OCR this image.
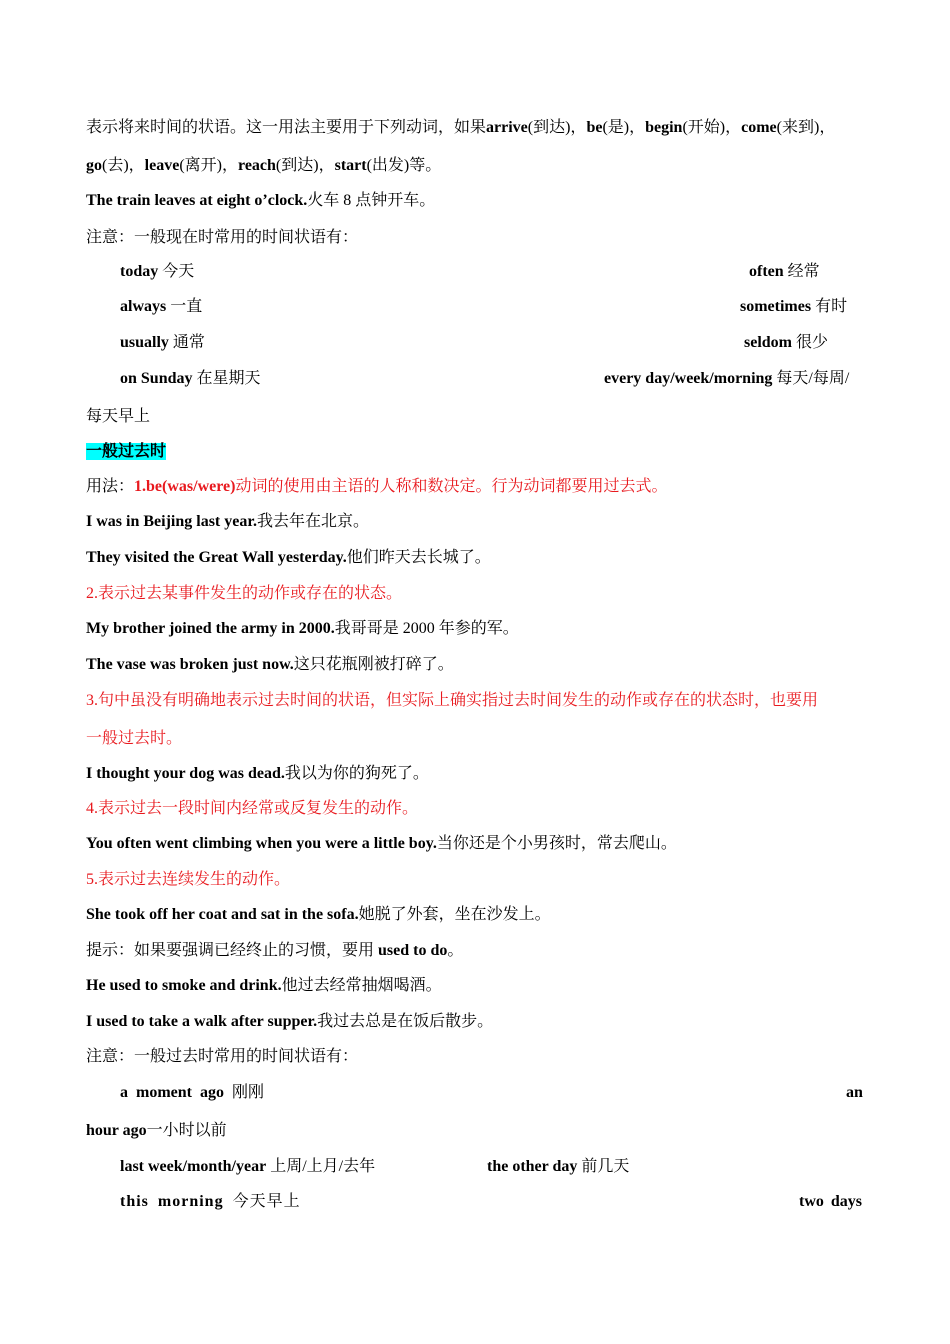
表示将来时间的状语。这一用法主要用于下列动词，如果arrive(到达)，be(是)，begin(开始)，come(来到)，
go(去)，leave(离开)，reach(到达)，start(出发)等。
The train leaves at eight o’clock.火车 8 点钟开车。
注意：一般现在时常用的时间状语有：
today 今天	often 经常
always 一直	sometimes 有时
usually 通常	seldom 很少
on Sunday 在星期天	every day/week/morning 每天/每周/
每天早上
一般过去时
用法：1.be(was/were)动词的使用由主语的人称和数决定。行为动词都要用过去式。
I was in Beijing last year.我去年在北京。
They visited the Great Wall yesterday.他们昨天去长城了。
2.表示过去某事件发生的动作或存在的状态。
My brother joined the army in 2000.我哥哥是 2000 年参的军。
The vase was broken just now.这只花瓶刚被打碎了。
3.句中虽没有明确地表示过去时间的状语，但实际上确实指过去时间发生的动作或存在的状态时，也要用
一般过去时。
I thought your dog was dead.我以为你的狗死了。
4.表示过去一段时间内经常或反复发生的动作。
You often went climbing when you were a little boy.当你还是个小男孩时，常去爬山。
5.表示过去连续发生的动作。
She took off her coat and sat in the sofa.她脱了外套，坐在沙发上。
提示：如果要强调已经终止的习惯，要用 used to do。
He used to smoke and drink.他过去经常抽烟喝酒。
I used to take a walk after supper.我过去总是在饭后散步。
注意：一般过去时常用的时间状语有：
a moment ago 刚刚	an
hour ago一小时以前
last week/month/year 上周/上月/去年	the other day 前几天
this morning 今天早上	two days
